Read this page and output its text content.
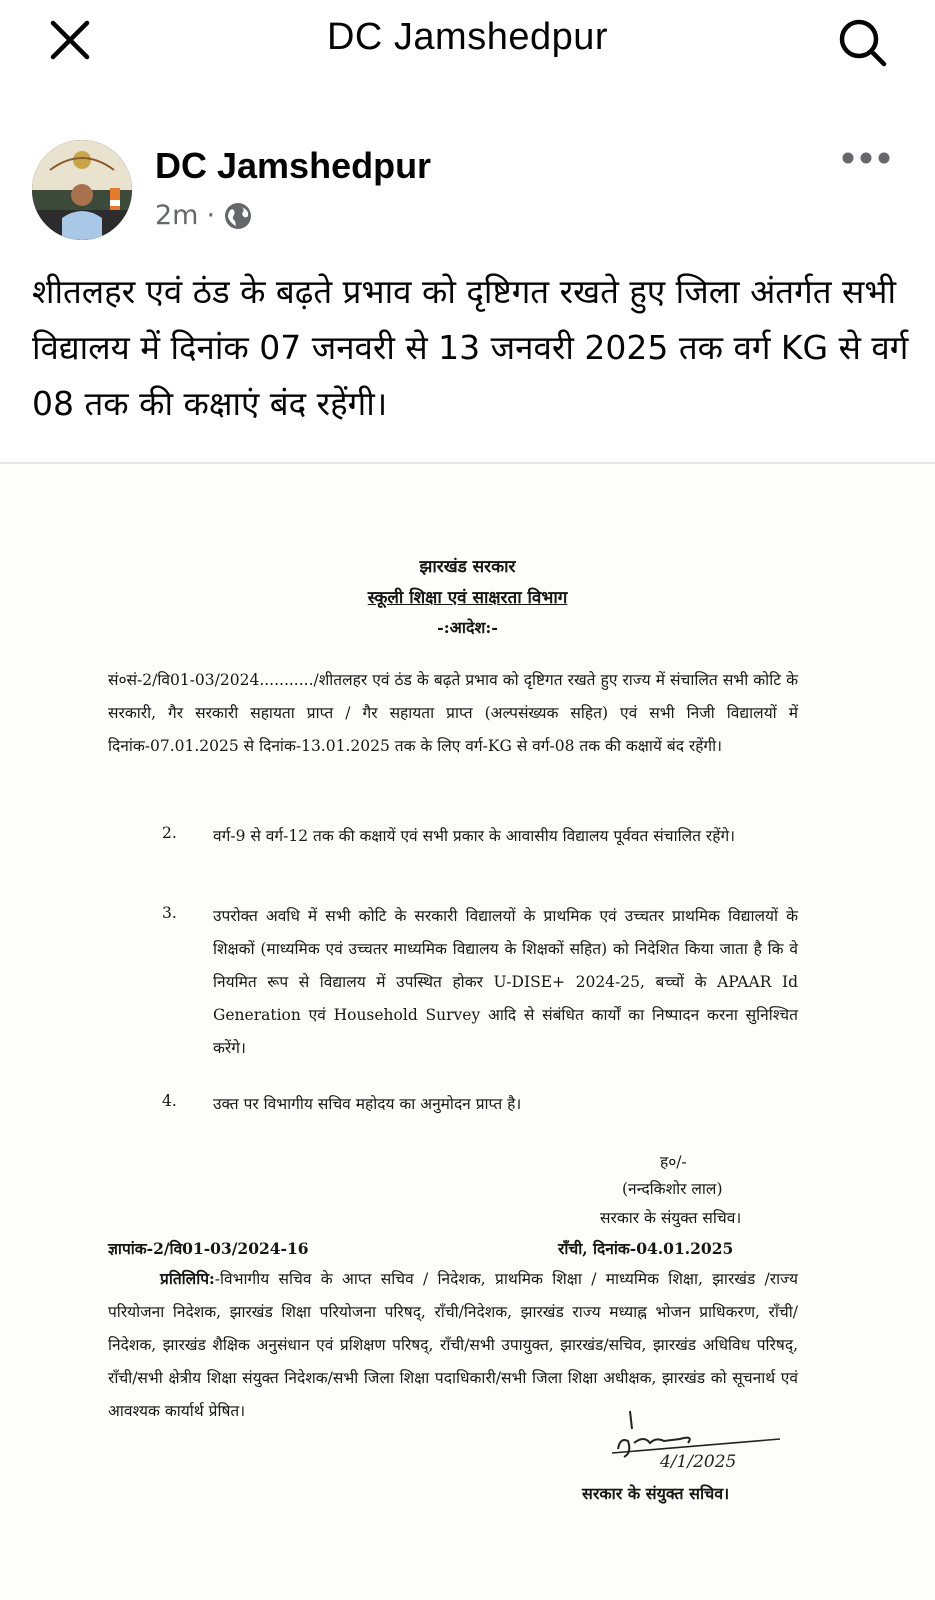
DC Jamshedpur
DC Jamshedpur
2m ·
शीतलहर एवं ठंड के बढ़ते प्रभाव को दृष्टिगत रखते हुए जिला अंतर्गत सभी विद्यालय में दिनांक 07 जनवरी से 13 जनवरी 2025 तक वर्ग KG से वर्ग 08 तक की कक्षाएं बंद रहेंगी।
झारखंड सरकार
स्कूली शिक्षा एवं साक्षरता विभाग
-:आदेश:-
सं०सं-2/वि01-03/2024.........../शीतलहर एवं ठंड के बढ़ते प्रभाव को दृष्टिगत रखते हुए राज्य में संचालित सभी कोटि के सरकारी, गैर सरकारी सहायता प्राप्त / गैर सहायता प्राप्त (अल्पसंख्यक सहित) एवं सभी निजी विद्यालयों में दिनांक-07.01.2025 से दिनांक-13.01.2025 तक के लिए वर्ग-KG से वर्ग-08 तक की कक्षायें बंद रहेंगी।
2. वर्ग-9 से वर्ग-12 तक की कक्षायें एवं सभी प्रकार के आवासीय विद्यालय पूर्ववत संचालित रहेंगे।
3. उपरोक्त अवधि में सभी कोटि के सरकारी विद्यालयों के प्राथमिक एवं उच्चतर प्राथमिक विद्यालयों के शिक्षकों (माध्यमिक एवं उच्चतर माध्यमिक विद्यालय के शिक्षकों सहित) को निदेशित किया जाता है कि वे नियमित रूप से विद्यालय में उपस्थित होकर U-DISE+ 2024-25, बच्चों के APAAR Id Generation एवं Household Survey आदि से संबंधित कार्यों का निष्पादन करना सुनिश्चित करेंगे।
4. उक्त पर विभागीय सचिव महोदय का अनुमोदन प्राप्त है।
ह०/-
(नन्दकिशोर लाल)
सरकार के संयुक्त सचिव।
ज्ञापांक-2/वि01-03/2024-16	राँची, दिनांक-04.01.2025
प्रतिलिपि:-विभागीय सचिव के आप्त सचिव / निदेशक, प्राथमिक शिक्षा / माध्यमिक शिक्षा, झारखंड /राज्य परियोजना निदेशक, झारखंड शिक्षा परियोजना परिषद्, राँची/निदेशक, झारखंड राज्य मध्याह्न भोजन प्राधिकरण, राँची/निदेशक, झारखंड शैक्षिक अनुसंधान एवं प्रशिक्षण परिषद्, राँची/सभी उपायुक्त, झारखंड/सचिव, झारखंड अधिविध परिषद्, राँची/सभी क्षेत्रीय शिक्षा संयुक्त निदेशक/सभी जिला शिक्षा पदाधिकारी/सभी जिला शिक्षा अधीक्षक, झारखंड को सूचनार्थ एवं आवश्यक कार्यार्थ प्रेषित।
4/1/2025
सरकार के संयुक्त सचिव।
